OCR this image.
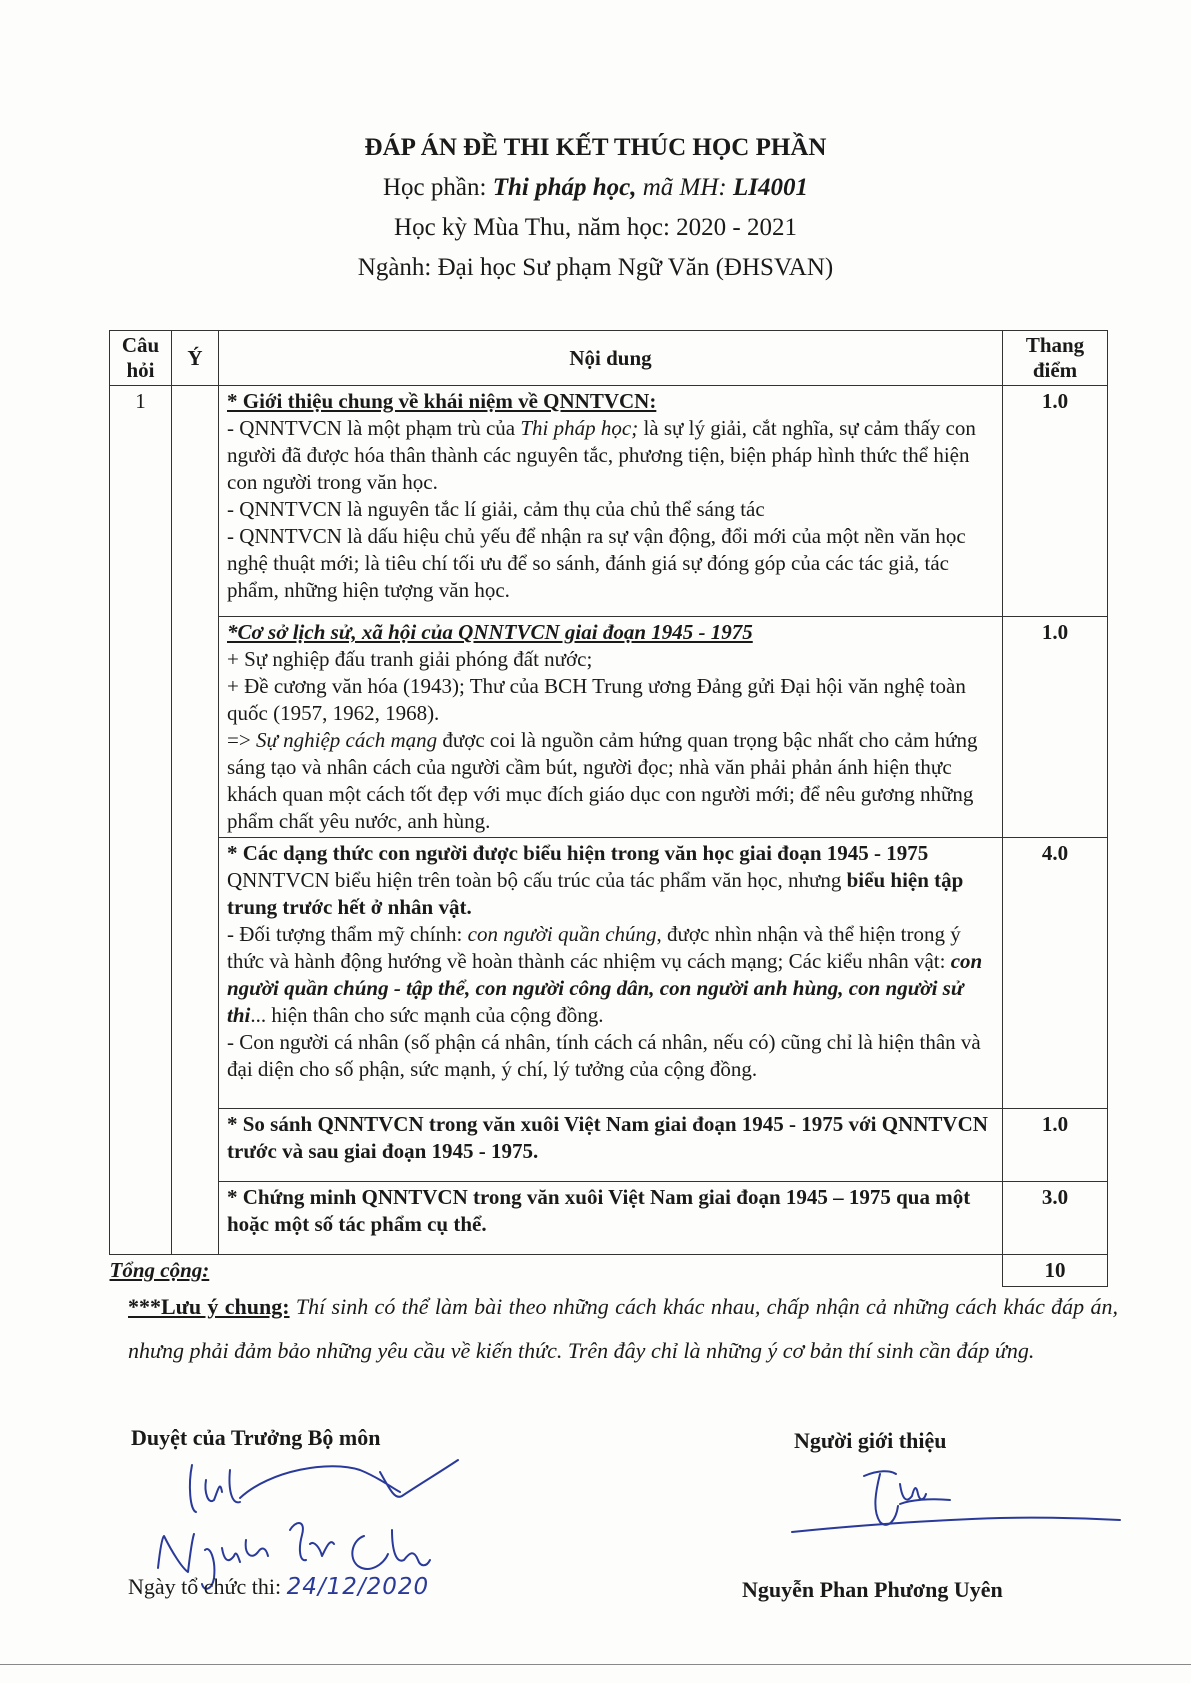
ĐÁP ÁN ĐỀ THI KẾT THÚC HỌC PHẦN
Học phần: Thi pháp học, mã MH: LI4001
Học kỳ Mùa Thu, năm học: 2020 - 2021
Ngành: Đại học Sư phạm Ngữ Văn (ĐHSVAN)
Câu hỏi	Ý	Nội dung	Thang điểm
1		* Giới thiệu chung về khái niệm về QNNTVCN:
- QNNTVCN là một phạm trù của Thi pháp học; là sự lý giải, cắt nghĩa, sự cảm thấy con người đã được hóa thân thành các nguyên tắc, phương tiện, biện pháp hình thức thể hiện con người trong văn học.
- QNNTVCN là nguyên tắc lí giải, cảm thụ của chủ thể sáng tác
- QNNTVCN là dấu hiệu chủ yếu để nhận ra sự vận động, đổi mới của một nền văn học nghệ thuật mới; là tiêu chí tối ưu để so sánh, đánh giá sự đóng góp của các tác giả, tác phẩm, những hiện tượng văn học.	1.0

		*Cơ sở lịch sử, xã hội của QNNTVCN giai đoạn 1945 - 1975
+ Sự nghiệp đấu tranh giải phóng đất nước;
+ Đề cương văn hóa (1943); Thư của BCH Trung ương Đảng gửi Đại hội văn nghệ toàn quốc (1957, 1962, 1968).
=> Sự nghiệp cách mạng được coi là nguồn cảm hứng quan trọng bậc nhất cho cảm hứng sáng tạo và nhân cách của người cầm bút, người đọc; nhà văn phải phản ánh hiện thực khách quan một cách tốt đẹp với mục đích giáo dục con người mới; để nêu gương những phẩm chất yêu nước, anh hùng.	1.0

		* Các dạng thức con người được biểu hiện trong văn học giai đoạn 1945 - 1975
QNNTVCN biểu hiện trên toàn bộ cấu trúc của tác phẩm văn học, nhưng biểu hiện tập trung trước hết ở nhân vật.
- Đối tượng thẩm mỹ chính: con người quần chúng, được nhìn nhận và thể hiện trong ý thức và hành động hướng về hoàn thành các nhiệm vụ cách mạng; Các kiểu nhân vật: con người quần chúng - tập thể, con người công dân, con người anh hùng, con người sử thi... hiện thân cho sức mạnh của cộng đồng.
- Con người cá nhân (số phận cá nhân, tính cách cá nhân, nếu có) cũng chỉ là hiện thân và đại diện cho số phận, sức mạnh, ý chí, lý tưởng của cộng đồng.	4.0

		* So sánh QNNTVCN trong văn xuôi Việt Nam giai đoạn 1945 - 1975 với QNNTVCN trước và sau giai đoạn 1945 - 1975.	1.0

		* Chứng minh QNNTVCN trong văn xuôi Việt Nam giai đoạn 1945 – 1975 qua một hoặc một số tác phẩm cụ thể.	3.0
Tổng cộng:			10
***Lưu ý chung: Thí sinh có thể làm bài theo những cách khác nhau, chấp nhận cả những cách khác đáp án, nhưng phải đảm bảo những yêu cầu về kiến thức. Trên đây chỉ là những ý cơ bản thí sinh cần đáp ứng.
Duyệt của Trưởng Bộ môn	Người giới thiệu
Ngày tổ chức thi: 24/12/2020	Nguyễn Phan Phương Uyên
